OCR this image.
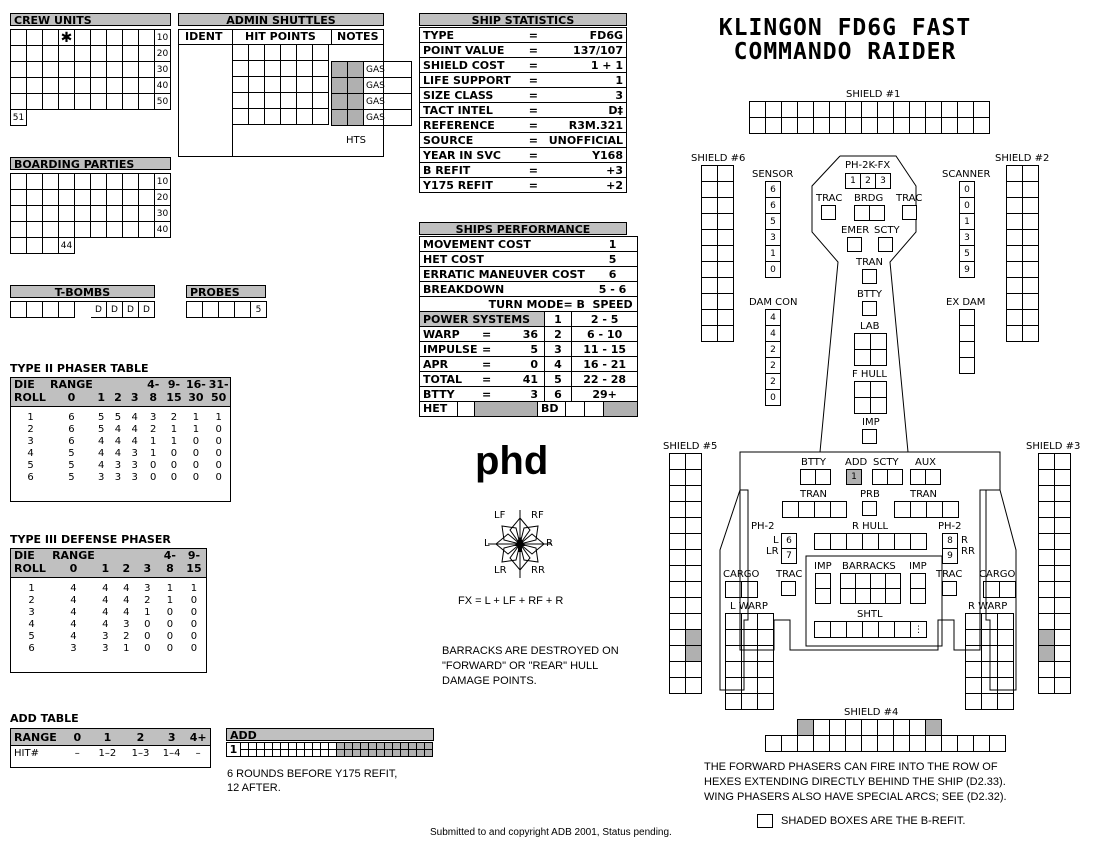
CREW UNITS
✱	10
20
30
40
50
51
ADMIN SHUTTLES
IDENT HIT POINTS NOTES
GAS
GAS
GAS
GAS
HTS
BOARDING PARTIES
10
20
30
40
44
T-BOMBS
D	D	D	D
PROBES
5
TYPE II PHASER TABLE
DIE	RANGE				4-	9-	16-	31-
ROLL	0	1	2	3	8	15	30	50

1	6	5	5	4	3	2	1	1
2	6	5	4	4	2	1	1	0
3	6	4	4	4	1	1	0	0
4	5	4	4	3	1	0	0	0
5	5	4	3	3	0	0	0	0
6	5	3	3	3	0	0	0	0
TYPE III DEFENSE PHASER
DIE	RANGE				4-	9-
ROLL	0	1	2	3	8	15

1	4	4	4	3	1	1
2	4	4	4	2	1	0
3	4	4	4	1	0	0
4	4	4	3	0	0	0
5	4	3	2	0	0	0
6	3	3	1	0	0	0
ADD TABLE
RANGE	0	1	2	3	4+
HIT#	–	1–2	1–3	1–4	–
ADD
1
6 ROUNDS BEFORE Y175 REFIT,
12 AFTER.
SHIP STATISTICS
TYPE	=	FD6G
POINT VALUE	=	137/107
SHIELD COST	=	1 + 1
LIFE SUPPORT	=	1
SIZE CLASS	=	3
TACT INTEL	=	D‡
REFERENCE	=	R3M.321
SOURCE	=	UNOFFICIAL
YEAR IN SVC	=	Y168
B REFIT	=	+3
Y175 REFIT	=	+2
SHIPS PERFORMANCE
MOVEMENT COST			1
HET COST			5
ERRATIC MANEUVER COST			6
BREAKDOWN			5 - 6
TURN MODE= B			SPEED
POWER SYSTEMS	1	2 - 5	
WARP = 36	2	6 - 10	
IMPULSE = 5	3	11 - 15	
APR = 0	4	16 - 21	
TOTAL = 41	5	22 - 28	
BTTY = 3	6	29+	

HET BD			
phd
LF	RF
L	R
LR RR
FX = L + LF + RF + R
BARRACKS ARE DESTROYED ON
"FORWARD" OR "REAR" HULL
DAMAGE POINTS.
Submitted to and copyright ADB 2001, Status pending.
KLINGON FD6G FAST
COMMANDO RAIDER
SHIELD #1
SHIELD #6	SHIELD #2
SHIELD #5	SHIELD #3
SHIELD #4
PH-2K-FX
1	2	3
TRAC BRDG TRAC
EMER SCTY
TRAN
BTTY
LAB
F HULL
IMP
SENSOR
6
6
5
3
1
0
SCANNER
0
0
1
3
5
9
DAM CON
4
4
2
2
2
0
EX DAM
BTTY ADD
1
SCTY AUX
TRAN	PRB	TRAN
R HULL
PH-2
L
LR
6
7
PH-2
8
9
R
RR
TRAC	TRAC
IMP BARRACKS IMP
SHTL
⋮
CARGO	CARGO
L WARP	R WARP
THE FORWARD PHASERS CAN FIRE INTO THE ROW OF
HEXES EXTENDING DIRECTLY BEHIND THE SHIP (D2.33).
WING PHASERS ALSO HAVE SPECIAL ARCS; SEE (D2.32).
SHADED BOXES ARE THE B-REFIT.
